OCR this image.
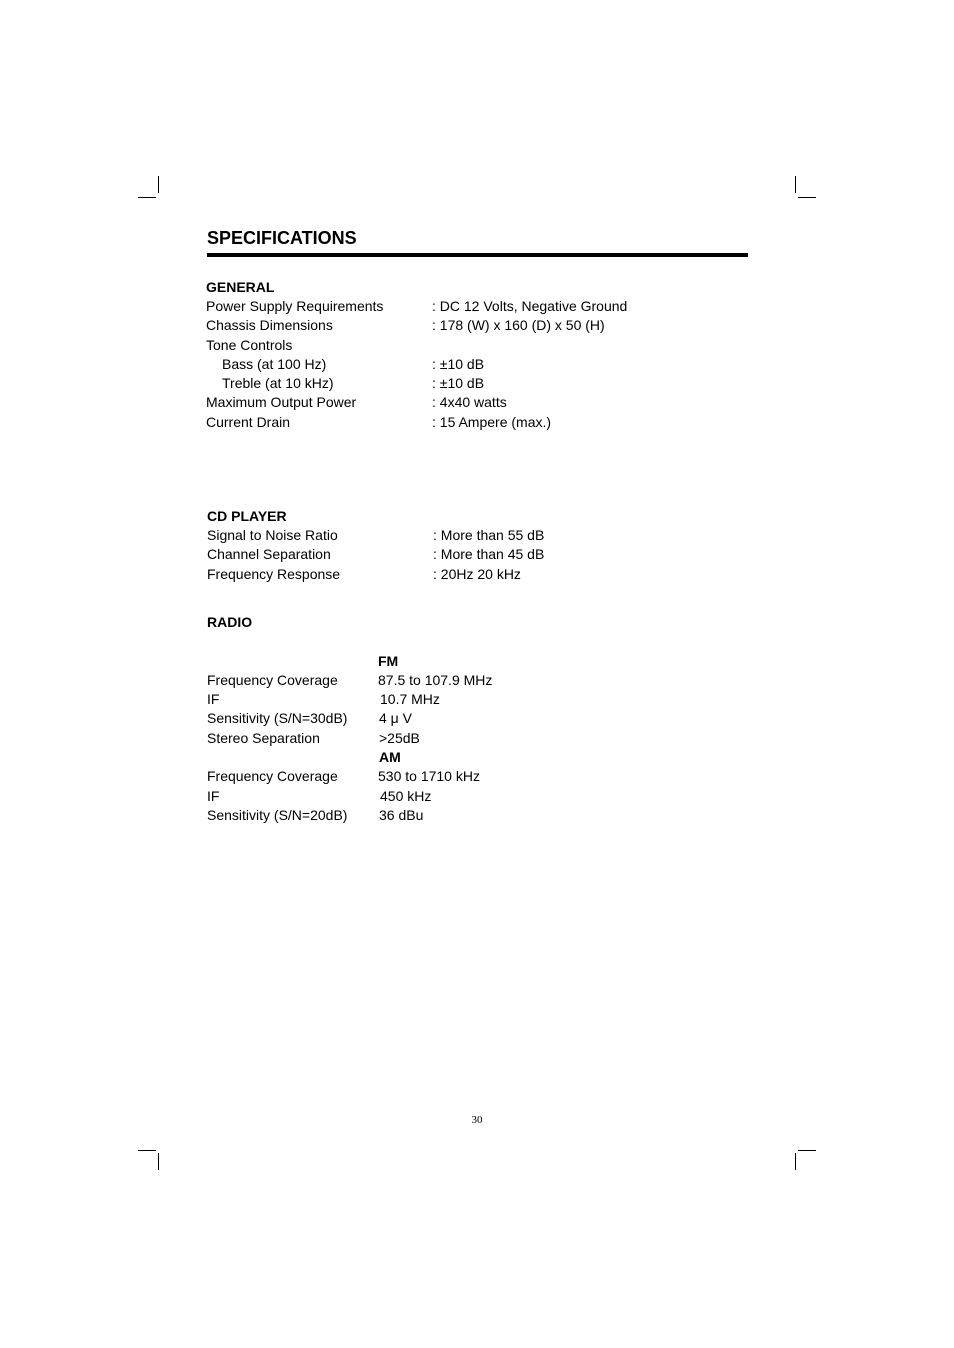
SPECIFICATIONS
GENERAL
Power Supply Requirements	: DC 12 Volts, Negative Ground
Chassis Dimensions	: 178 (W) x 160 (D) x 50 (H)
Tone Controls
Bass (at 100 Hz)	: ±10 dB
Treble (at 10 kHz)	: ±10 dB
Maximum Output Power	: 4x40 watts
Current Drain	: 15 Ampere (max.)
CD PLAYER
Signal to Noise Ratio	: More than 55 dB
Channel Separation	: More than 45 dB
Frequency Response	: 20Hz 20 kHz
RADIO
FM
Frequency Coverage	87.5 to 107.9 MHz
IF	10.7 MHz
Sensitivity (S/N=30dB) 4 μ V
Stereo Separation	>25dB
AM
Frequency Coverage	530 to 1710 kHz
IF	450 kHz
Sensitivity (S/N=20dB) 36 dBu
30
